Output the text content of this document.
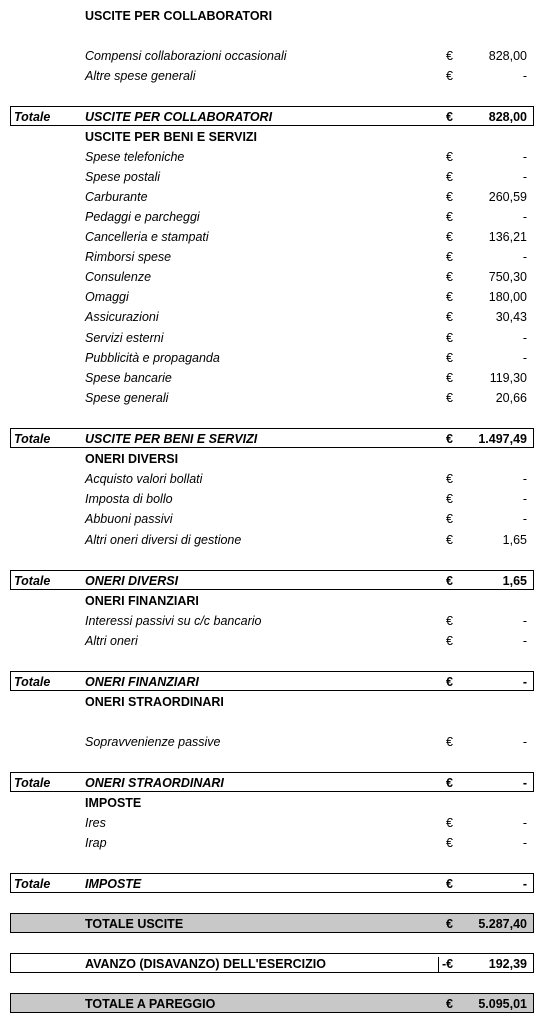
USCITE PER COLLABORATORI
Compensi collaborazioni occasionali	€	828,00
Altre spese generali	€	-
Totale	USCITE PER COLLABORATORI	€	828,00
USCITE PER BENI E SERVIZI
Spese telefoniche	€	-
Spese postali	€	-
Carburante	€	260,59
Pedaggi e parcheggi	€	-
Cancelleria e stampati	€	136,21
Rimborsi spese	€	-
Consulenze	€	750,30
Omaggi	€	180,00
Assicurazioni	€	30,43
Servizi esterni	€	-
Pubblicità e propaganda	€	-
Spese bancarie	€	119,30
Spese generali	€	20,66
Totale	USCITE PER BENI E SERVIZI	€ 1.497,49
ONERI DIVERSI
Acquisto valori bollati	€	-
Imposta di bollo	€	-
Abbuoni passivi	€	-
Altri oneri diversi di gestione	€	1,65
Totale	ONERI DIVERSI	€	1,65
ONERI FINANZIARI
Interessi passivi su c/c bancario	€	-
Altri oneri	€	-
Totale	ONERI FINANZIARI	€	-
ONERI STRAORDINARI
Sopravvenienze passive	€	-
Totale	ONERI STRAORDINARI	€	-
IMPOSTE
Ires	€	-
Irap	€	-
Totale	IMPOSTE	€	-
TOTALE USCITE	€ 5.287,40
AVANZO (DISAVANZO) DELL'ESERCIZIO	-€	192,39
TOTALE A PAREGGIO	€ 5.095,01
